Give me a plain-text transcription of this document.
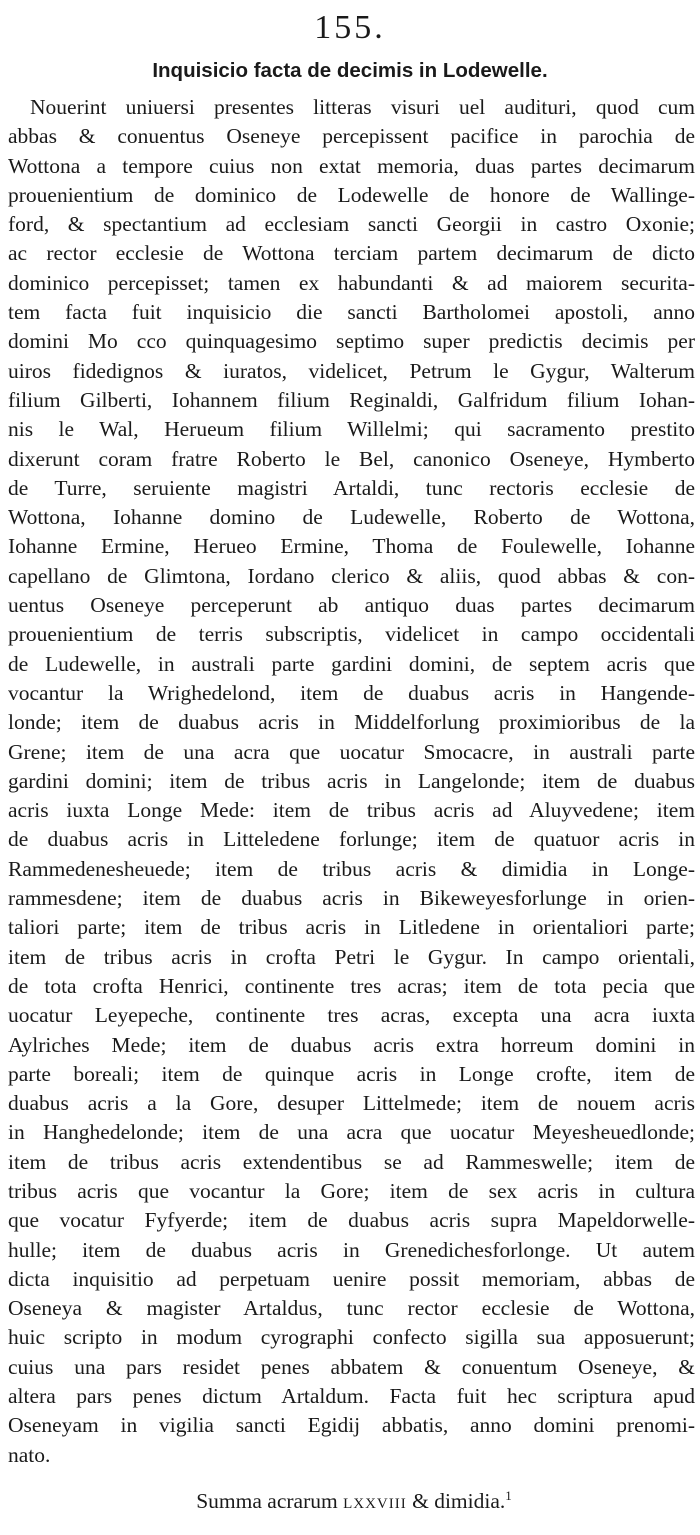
155.
Inquisicio facta de decimis in Lodewelle.
Nouerint uniuersi presentes litteras visuri uel audituri, quod cum
abbas & conuentus Oseneye percepissent pacifice in parochia de
Wottona a tempore cuius non extat memoria, duas partes decimarum
prouenientium de dominico de Lodewelle de honore de Wallinge-
ford, & spectantium ad ecclesiam sancti Georgii in castro Oxonie;
ac rector ecclesie de Wottona terciam partem decimarum de dicto
dominico percepisset; tamen ex habundanti & ad maiorem securita-
tem facta fuit inquisicio die sancti Bartholomei apostoli, anno
domini Mo cco quinquagesimo septimo super predictis decimis per
uiros fidedignos & iuratos, videlicet, Petrum le Gygur, Walterum
filium Gilberti, Iohannem filium Reginaldi, Galfridum filium Iohan-
nis le Wal, Herueum filium Willelmi; qui sacramento prestito
dixerunt coram fratre Roberto le Bel, canonico Oseneye, Hymberto
de Turre, seruiente magistri Artaldi, tunc rectoris ecclesie de
Wottona, Iohanne domino de Ludewelle, Roberto de Wottona,
Iohanne Ermine, Herueo Ermine, Thoma de Foulewelle, Iohanne
capellano de Glimtona, Iordano clerico & aliis, quod abbas & con-
uentus Oseneye perceperunt ab antiquo duas partes decimarum
prouenientium de terris subscriptis, videlicet in campo occidentali
de Ludewelle, in australi parte gardini domini, de septem acris que
vocantur la Wrighedelond, item de duabus acris in Hangende-
londe; item de duabus acris in Middelforlung proximioribus de la
Grene; item de una acra que uocatur Smocacre, in australi parte
gardini domini; item de tribus acris in Langelonde; item de duabus
acris iuxta Longe Mede: item de tribus acris ad Aluyvedene; item
de duabus acris in Litteledene forlunge; item de quatuor acris in
Rammedenesheuede; item de tribus acris & dimidia in Longe-
rammesdene; item de duabus acris in Bikeweyesforlunge in orien-
taliori parte; item de tribus acris in Litledene in orientaliori parte;
item de tribus acris in crofta Petri le Gygur. In campo orientali,
de tota crofta Henrici, continente tres acras; item de tota pecia que
uocatur Leyepeche, continente tres acras, excepta una acra iuxta
Aylriches Mede; item de duabus acris extra horreum domini in
parte boreali; item de quinque acris in Longe crofte, item de
duabus acris a la Gore, desuper Littelmede; item de nouem acris
in Hanghedelonde; item de una acra que uocatur Meyesheuedlonde;
item de tribus acris extendentibus se ad Rammeswelle; item de
tribus acris que vocantur la Gore; item de sex acris in cultura
que vocatur Fyfyerde; item de duabus acris supra Mapeldorwelle-
hulle; item de duabus acris in Grenedichesforlonge. Ut autem
dicta inquisitio ad perpetuam uenire possit memoriam, abbas de
Oseneya & magister Artaldus, tunc rector ecclesie de Wottona,
huic scripto in modum cyrographi confecto sigilla sua apposuerunt;
cuius una pars residet penes abbatem & conuentum Oseneye, &
altera pars penes dictum Artaldum. Facta fuit hec scriptura apud
Oseneyam in vigilia sancti Egidij abbatis, anno domini prenomi-
nato.
Summa acrarum lxxviii & dimidia.$^1$
